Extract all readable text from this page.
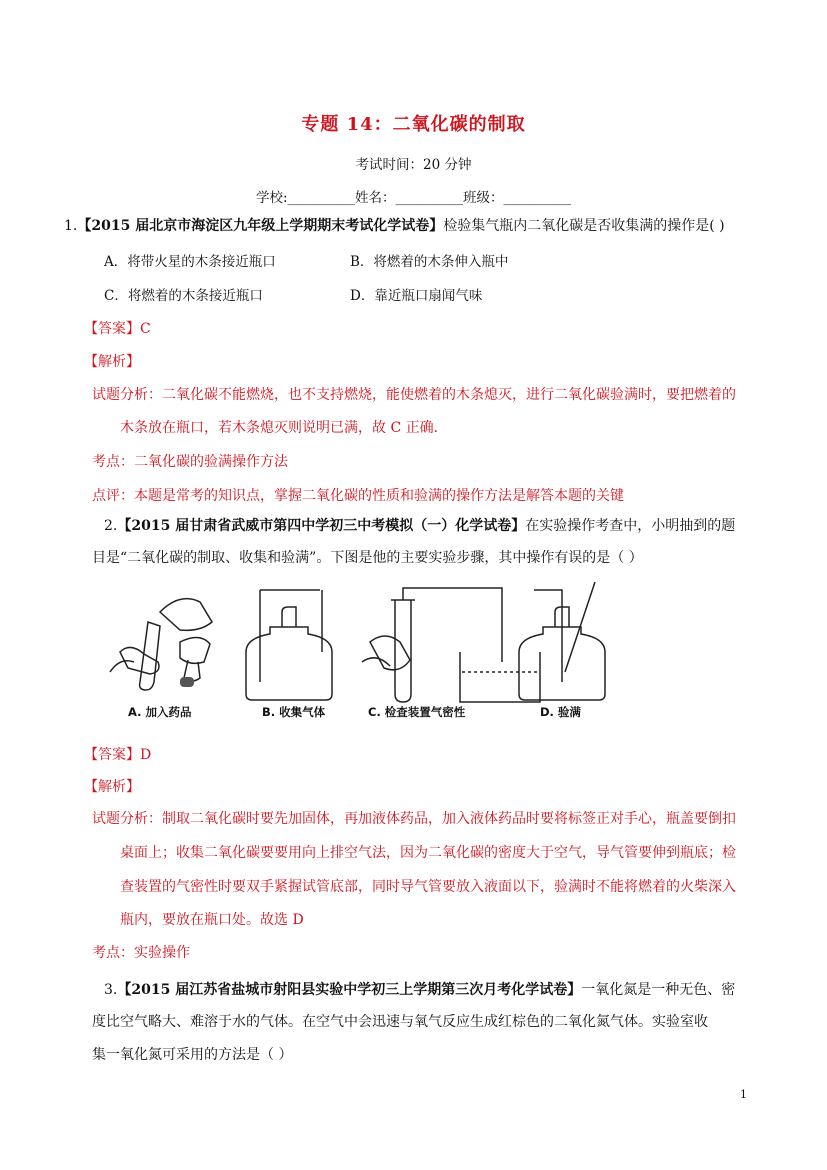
专题 14：二氧化碳的制取
考试时间：20 分钟
学校:__________姓名：__________班级：__________
1.【2015 届北京市海淀区九年级上学期期末考试化学试卷】检验集气瓶内二氧化碳是否收集满的操作是( )
A．将带火星的木条接近瓶口	B．将燃着的木条伸入瓶中
C．将燃着的木条接近瓶口	D．靠近瓶口扇闻气味
【答案】C
【解析】
试题分析：二氧化碳不能燃烧，也不支持燃烧，能使燃着的木条熄灭，进行二氧化碳验满时，要把燃着的
木条放在瓶口，若木条熄灭则说明已满，故 C 正确.
考点：二氧化碳的验满操作方法
点评：本题是常考的知识点，掌握二氧化碳的性质和验满的操作方法是解答本题的关键
2.【2015 届甘肃省武威市第四中学初三中考模拟（一）化学试卷】在实验操作考查中，小明抽到的题
目是“二氧化碳的制取、收集和验满”。下图是他的主要实验步骤，其中操作有误的是（ ）
A. 加入药品	B. 收集气体	C. 检查装置气密性	D. 验满
【答案】D
【解析】
试题分析：制取二氧化碳时要先加固体，再加液体药品，加入液体药品时要将标签正对手心，瓶盖要倒扣
桌面上；收集二氧化碳要要用向上排空气法，因为二氧化碳的密度大于空气，导气管要伸到瓶底；检
查装置的气密性时要双手紧握试管底部，同时导气管要放入液面以下，验满时不能将燃着的火柴深入
瓶内，要放在瓶口处。故选 D
考点：实验操作
3.【2015 届江苏省盐城市射阳县实验中学初三上学期第三次月考化学试卷】一氧化氮是一种无色、密
度比空气略大、难溶于水的气体。在空气中会迅速与氧气反应生成红棕色的二氧化氮气体。实验室收
集一氧化氮可采用的方法是（ ）
1
